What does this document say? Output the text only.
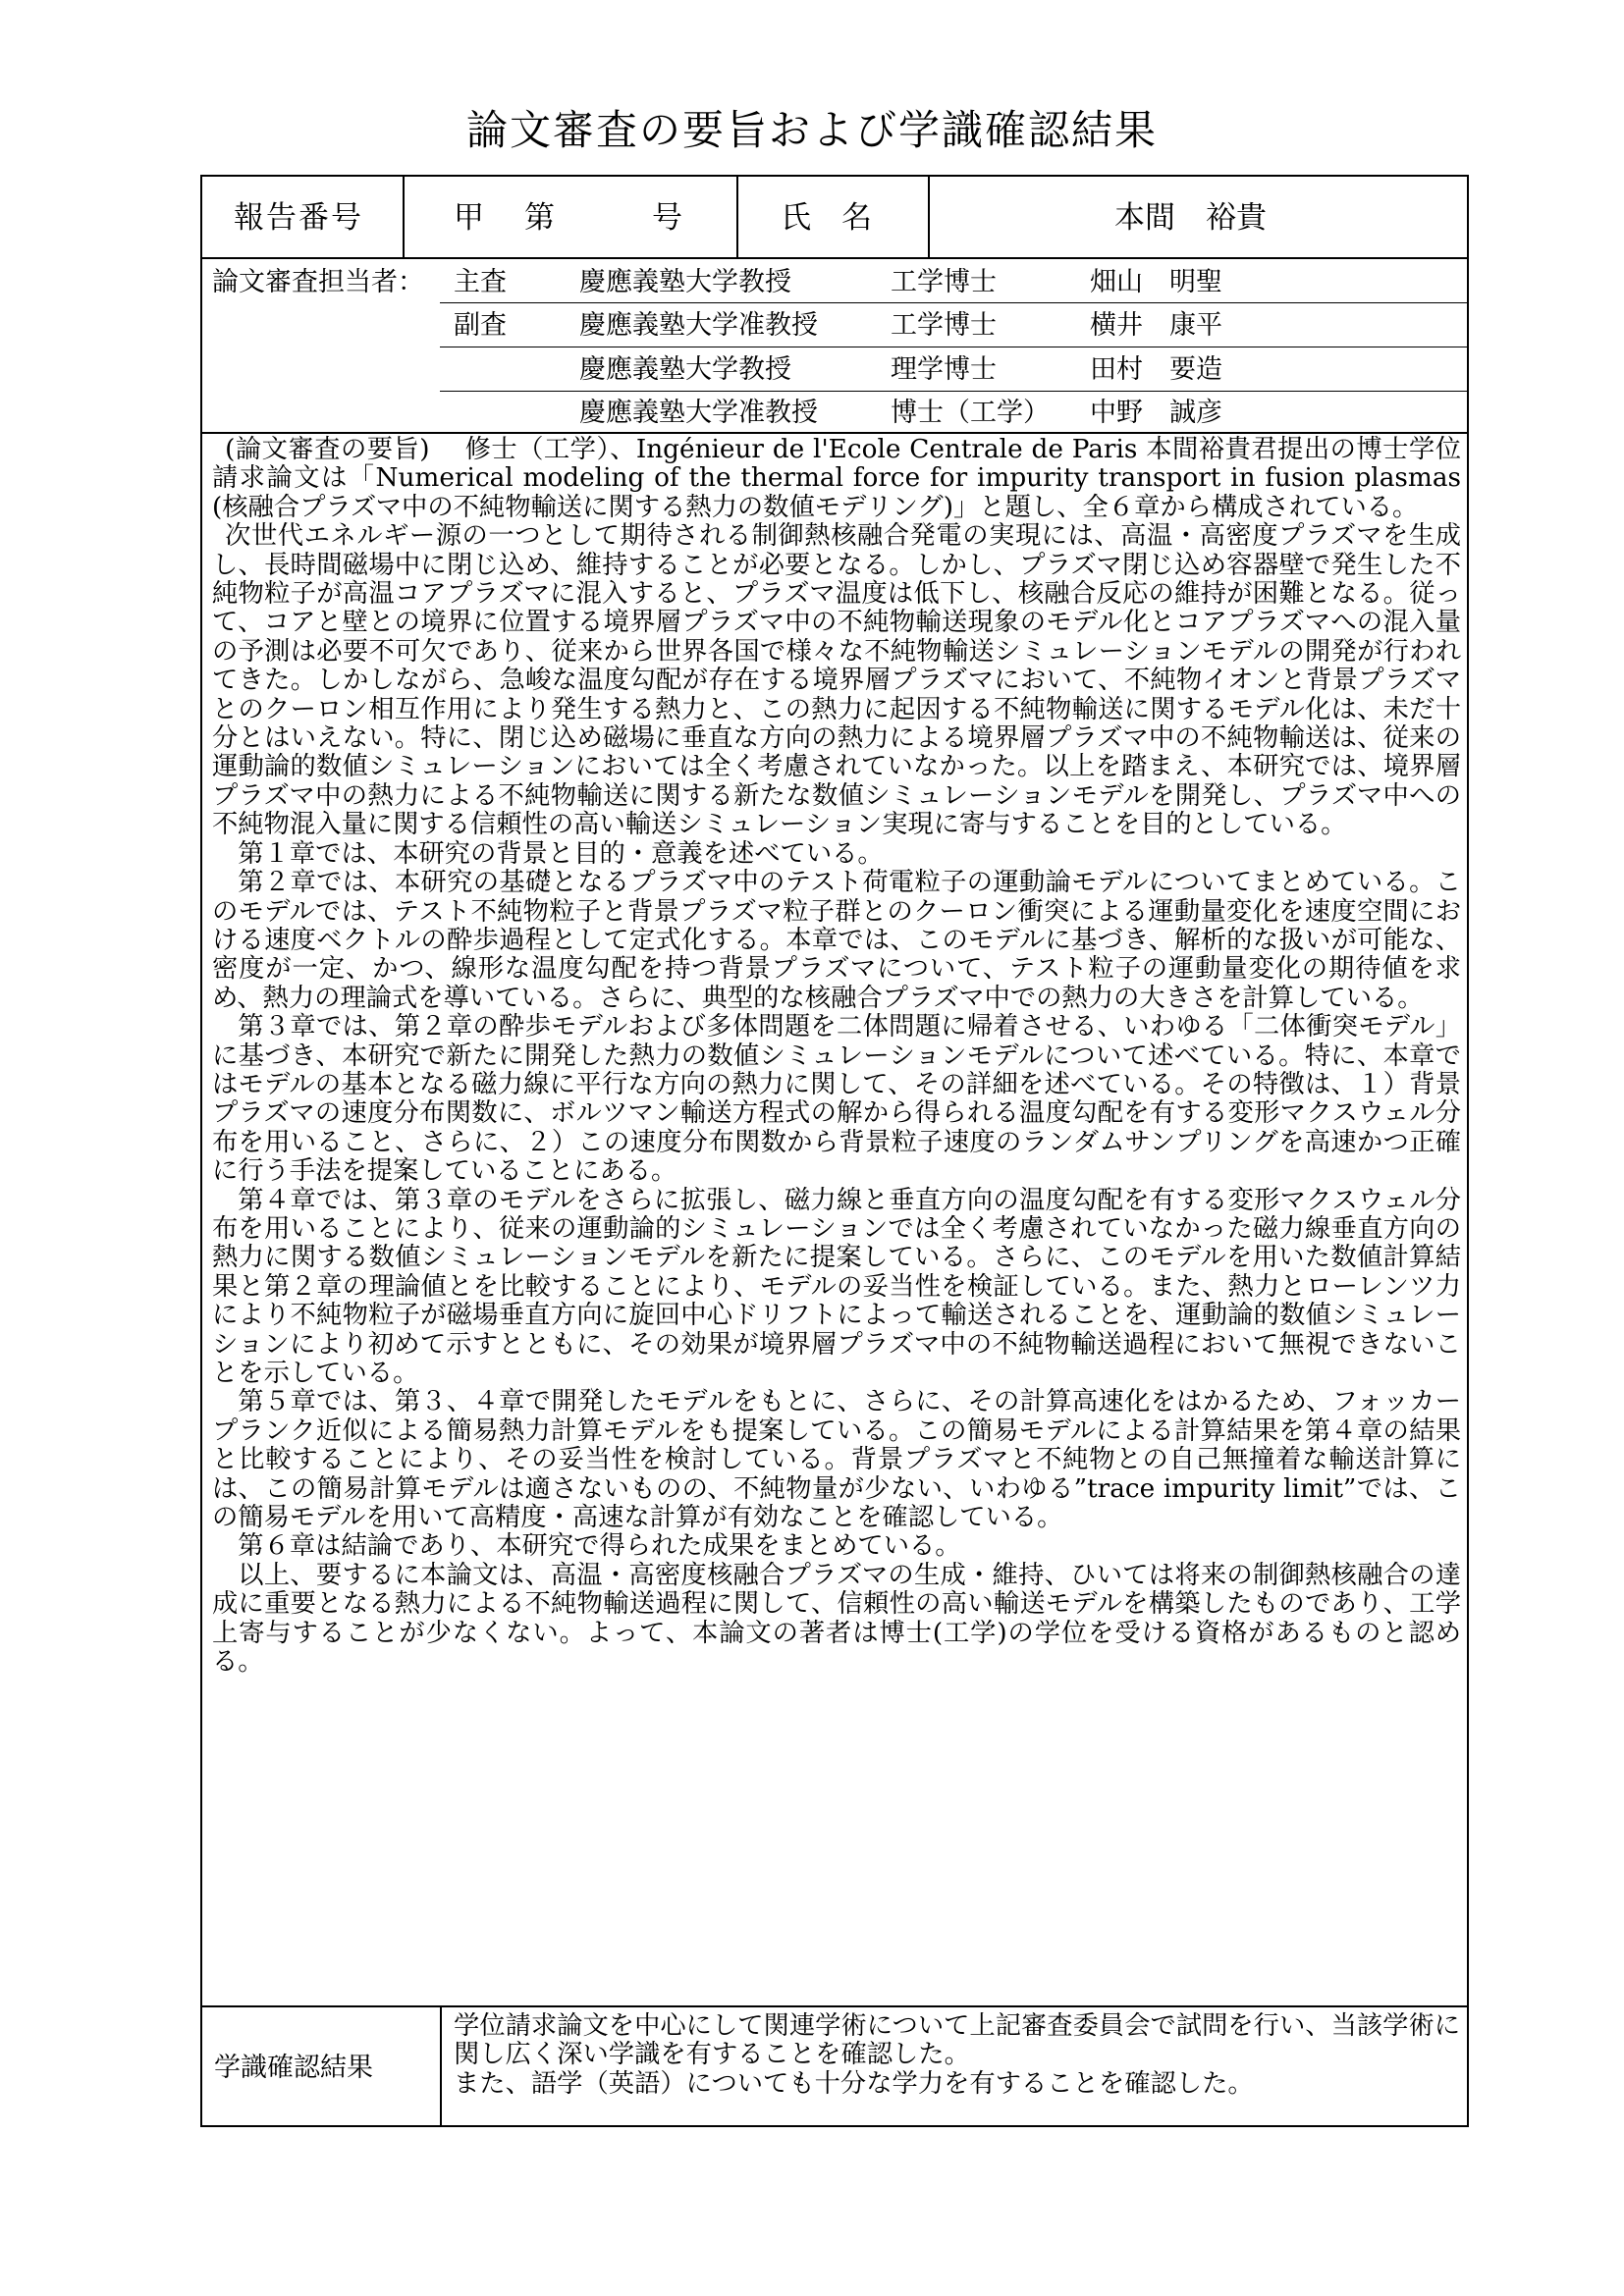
論文審査の要旨および学識確認結果
報告番号	甲 第	号	氏　名	本間　裕貴
論文審査担当者： 主査	慶應義塾大学教授	工学博士	畑山　明聖
副査	慶應義塾大学准教授	工学博士	横井　康平
慶應義塾大学教授	理学博士	田村　要造
慶應義塾大学准教授	博士（工学） 中野　誠彦

(論文審査の要旨)　 修士（工学）、Ingénieur de l'Ecole Centrale de Paris 本間裕貴君提出の博士学位請求論文は「Numerical modeling of the thermal force for impurity transport in fusion plasmas (核融合プラズマ中の不純物輸送に関する熱力の数値モデリング)」と題し、全６章から構成されている。

次世代エネルギー源の一つとして期待される制御熱核融合発電の実現には、高温・高密度プラズマを生成し、長時間磁場中に閉じ込め、維持することが必要となる。しかし、プラズマ閉じ込め容器壁で発生した不純物粒子が高温コアプラズマに混入すると、プラズマ温度は低下し、核融合反応の維持が困難となる。従って、コアと壁との境界に位置する境界層プラズマ中の不純物輸送現象のモデル化とコアプラズマへの混入量の予測は必要不可欠であり、従来から世界各国で様々な不純物輸送シミュレーションモデルの開発が行われてきた。しかしながら、急峻な温度勾配が存在する境界層プラズマにおいて、不純物イオンと背景プラズマとのクーロン相互作用により発生する熱力と、この熱力に起因する不純物輸送に関するモデル化は、未だ十分とはいえない。特に、閉じ込め磁場に垂直な方向の熱力による境界層プラズマ中の不純物輸送は、従来の運動論的数値シミュレーションにおいては全く考慮されていなかった。以上を踏まえ、本研究では、境界層プラズマ中の熱力による不純物輸送に関する新たな数値シミュレーションモデルを開発し、プラズマ中への不純物混入量に関する信頼性の高い輸送シミュレーション実現に寄与することを目的としている。

第１章では、本研究の背景と目的・意義を述べている。

第２章では、本研究の基礎となるプラズマ中のテスト荷電粒子の運動論モデルについてまとめている。このモデルでは、テスト不純物粒子と背景プラズマ粒子群とのクーロン衝突による運動量変化を速度空間における速度ベクトルの酔歩過程として定式化する。本章では、このモデルに基づき、解析的な扱いが可能な、密度が一定、かつ、線形な温度勾配を持つ背景プラズマについて、テスト粒子の運動量変化の期待値を求め、熱力の理論式を導いている。さらに、典型的な核融合プラズマ中での熱力の大きさを計算している。

第３章では、第２章の酔歩モデルおよび多体問題を二体問題に帰着させる、いわゆる「二体衝突モデル」に基づき、本研究で新たに開発した熱力の数値シミュレーションモデルについて述べている。特に、本章ではモデルの基本となる磁力線に平行な方向の熱力に関して、その詳細を述べている。その特徴は、１）背景プラズマの速度分布関数に、ボルツマン輸送方程式の解から得られる温度勾配を有する変形マクスウェル分布を用いること、さらに、２）この速度分布関数から背景粒子速度のランダムサンプリングを高速かつ正確に行う手法を提案していることにある。

第４章では、第３章のモデルをさらに拡張し、磁力線と垂直方向の温度勾配を有する変形マクスウェル分布を用いることにより、従来の運動論的シミュレーションでは全く考慮されていなかった磁力線垂直方向の熱力に関する数値シミュレーションモデルを新たに提案している。さらに、このモデルを用いた数値計算結果と第２章の理論値とを比較することにより、モデルの妥当性を検証している。また、熱力とローレンツ力により不純物粒子が磁場垂直方向に旋回中心ドリフトによって輸送されることを、運動論的数値シミュレーションにより初めて示すとともに、その効果が境界層プラズマ中の不純物輸送過程において無視できないことを示している。

第５章では、第３、４章で開発したモデルをもとに、さらに、その計算高速化をはかるため、フォッカープランク近似による簡易熱力計算モデルをも提案している。この簡易モデルによる計算結果を第４章の結果と比較することにより、その妥当性を検討している。背景プラズマと不純物との自己無撞着な輸送計算には、この簡易計算モデルは適さないものの、不純物量が少ない、いわゆる”trace impurity limit”では、この簡易モデルを用いて高精度・高速な計算が有効なことを確認している。

第６章は結論であり、本研究で得られた成果をまとめている。

以上、要するに本論文は、高温・高密度核融合プラズマの生成・維持、ひいては将来の制御熱核融合の達成に重要となる熱力による不純物輸送過程に関して、信頼性の高い輸送モデルを構築したものであり、工学上寄与することが少なくない。よって、本論文の著者は博士(工学)の学位を受ける資格があるものと認める。

学識確認結果

学位請求論文を中心にして関連学術について上記審査委員会で試問を行い、当該学術に関し広く深い学識を有することを確認した。

また、語学（英語）についても十分な学力を有することを確認した。
